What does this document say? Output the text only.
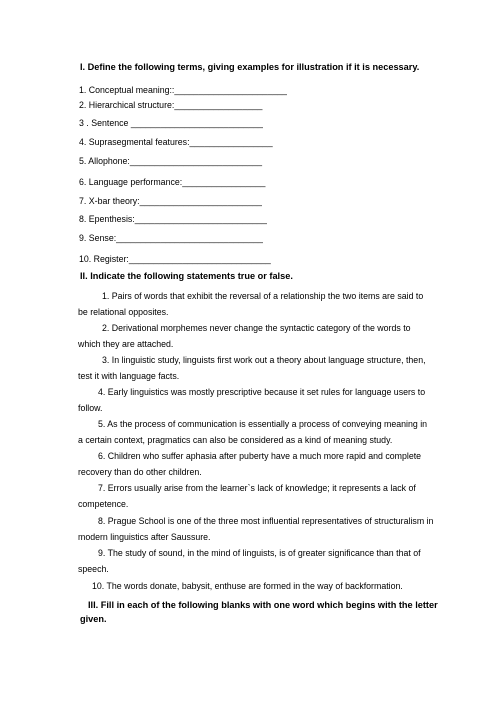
I. Define the following terms, giving examples for illustration if it is necessary.
1. Conceptual meaning::_______________________
2. Hierarchical structure:__________________
3 . Sentence ___________________________
4. Suprasegmental features:_________________
5. Allophone:___________________________
6. Language performance:_________________
7. X-bar theory:_________________________
8. Epenthesis:___________________________
9. Sense:______________________________
10. Register:_____________________________
II. Indicate the following statements true or false.
1. Pairs of words that exhibit the reversal of a relationship the two items are said to be relational opposites.
2. Derivational morphemes never change the syntactic category of the words to which they are attached.
3. In linguistic study, linguists first work out a theory about language structure, then, test it with language facts.
4. Early linguistics was mostly prescriptive because it set rules for language users to follow.
5. As the process of communication is essentially a process of conveying meaning in a certain context, pragmatics can also be considered as a kind of meaning study.
6. Children who suffer aphasia after puberty have a much more rapid and complete recovery than do other children.
7. Errors usually arise from the learner`s lack of knowledge; it represents a lack of competence.
8. Prague School is one of the three most influential representatives of structuralism in modern linguistics after Saussure.
9. The study of sound, in the mind of linguists, is of greater significance than that of speech.
10. The words donate, babysit, enthuse are formed in the way of backformation.
III. Fill in each of the following blanks with one word which begins with the letter
given.
